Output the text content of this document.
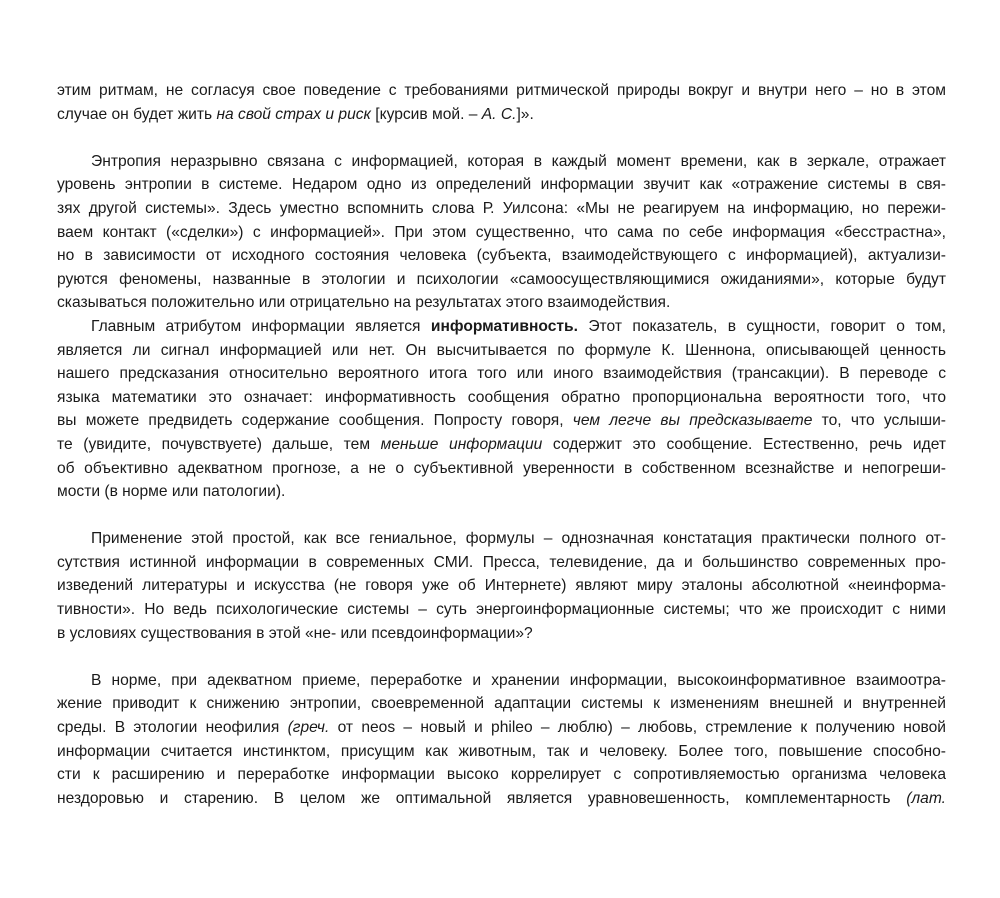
этим ритмам, не согласуя свое поведение с требованиями ритмической природы вокруг и внутри него – но в этом
случае он будет жить на свой страх и риск [курсив мой. – А. С.]».
Энтропия неразрывно связана с информацией, которая в каждый момент времени, как в зеркале, отражает
уровень энтропии в системе. Недаром одно из определений информации звучит как «отражение системы в свя-
зях другой системы». Здесь уместно вспомнить слова Р. Уилсона: «Мы не реагируем на информацию, но пережи-
ваем контакт («сделки») с информацией». При этом существенно, что сама по себе информация «бесстрастна»,
но в зависимости от исходного состояния человека (субъекта, взаимодействующего с информацией), актуализи-
руются феномены, названные в этологии и психологии «самоосуществляющимися ожиданиями», которые будут
сказываться положительно или отрицательно на результатах этого взаимодействия.
Главным атрибутом информации является информативность. Этот показатель, в сущности, говорит о том,
является ли сигнал информацией или нет. Он высчитывается по формуле К. Шеннона, описывающей ценность
нашего предсказания относительно вероятного итога того или иного взаимодействия (трансакции). В переводе с
языка математики это означает: информативность сообщения обратно пропорциональна вероятности того, что
вы можете предвидеть содержание сообщения. Попросту говоря, чем легче вы предсказываете то, что услыши-
те (увидите, почувствуете) дальше, тем меньше информации содержит это сообщение. Естественно, речь идет
об объективно адекватном прогнозе, а не о субъективной уверенности в собственном всезнайстве и непогреши-
мости (в норме или патологии).
Применение этой простой, как все гениальное, формулы – однозначная констатация практически полного от-
сутствия истинной информации в современных СМИ. Пресса, телевидение, да и большинство современных про-
изведений литературы и искусства (не говоря уже об Интернете) являют миру эталоны абсолютной «неинформа-
тивности». Но ведь психологические системы – суть энергоинформационные системы; что же происходит с ними
в условиях существования в этой «не- или псевдоинформации»?
В норме, при адекватном приеме, переработке и хранении информации, высокоинформативное взаимоотра-
жение приводит к снижению энтропии, своевременной адаптации системы к изменениям внешней и внутренней
среды. В этологии неофилия (греч. от neos – новый и phileo – люблю) – любовь, стремление к получению новой
информации считается инстинктом, присущим как животным, так и человеку. Более того, повышение способно-
сти к расширению и переработке информации высоко коррелирует с сопротивляемостью организма человека
нездоровью и старению. В целом же оптимальной является уравновешенность, комплементарность (лат.
